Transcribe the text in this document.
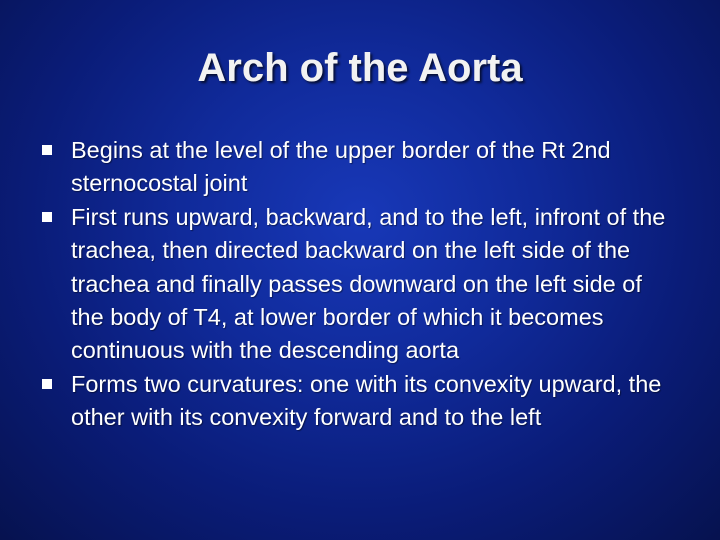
Arch of the Aorta
Begins at the level of the upper border of the Rt 2nd sternocostal joint
First runs upward, backward, and to the left, infront of the trachea, then directed backward on the left side of the trachea and finally passes downward on the left side of the body of T4, at lower border of which it becomes continuous with the descending aorta
Forms two curvatures: one with its convexity upward, the other with its convexity forward and to the left
